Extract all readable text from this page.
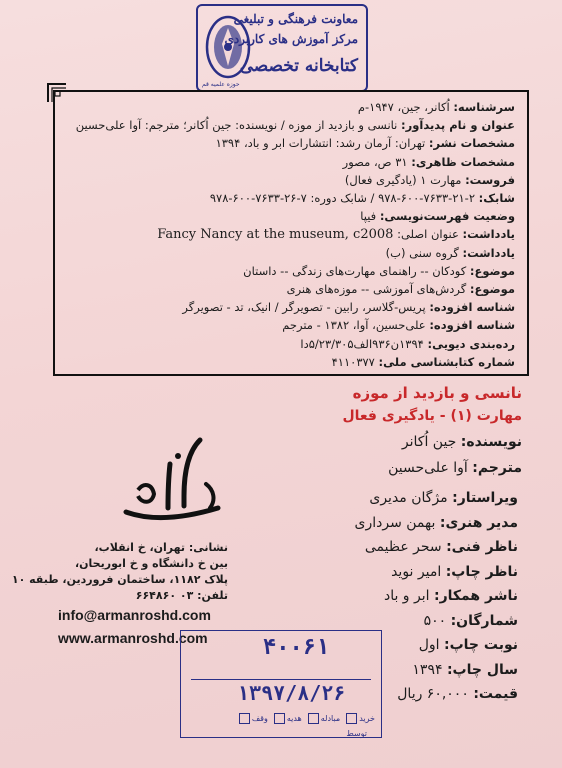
معاونت فرهنگی و تبلیغی
مرکز آموزش های کاربردی
کتابخانه تخصصی
حوزه علمیه قم
سرشناسه: اُکانر، جین، ۱۹۴۷-م
عنوان و نام پدیدآور: نانسی و بازدید از موزه / نویسنده: جین اُکانر؛ مترجم: آوا علی‌حسین
مشخصات نشر: تهران: آرمان رشد: انتشارات ابر و باد، ۱۳۹۴
مشخصات ظاهری: ۳۱ ص، مصور
فروست: مهارت ۱ (یادگیری فعال)
شابک: ۲-۲۱-۷۶۳۳-۶۰۰-۹۷۸ / شابک دوره: ۷-۲۶-۷۶۳۳-۶۰۰-۹۷۸
وضعیت فهرست‌نویسی: فیپا
یادداشت: عنوان اصلی: Fancy Nancy at the museum, c2008
یادداشت: گروه سنی (ب)
موضوع: کودکان -- راهنمای مهارت‌های زندگی -- داستان
موضوع: گردش‌های آموزشی -- موزه‌های هنری
شناسه افزوده: پریس-گلاسر، رابین - تصویرگر / انیک، تد - تصویرگر
شناسه افزوده: علی‌حسین، آوا، ۱۳۸۲ - مترجم
رده‌بندی دیویی: ۱۳۹۴ن۹۳۶الف۵/۲۳/۳۰۵دا
شماره کتابشناسی ملی: ۴۱۱۰۳۷۷
نانسی و بازدید از موزه
مهارت (۱) - یادگیری فعال
نویسنده: جین اُکانر
مترجم: آوا علی‌حسین
نشانی: تهران، خ انقلاب،
بین خ دانشگاه و خ ابوریحان،
پلاک ۱۱۸۲، ساختمان فروردین، طبقه ۱۰
تلفن: ۰۳ ۶۶۴۸۶۰
info@armanroshd.com
www.armanroshd.com
ویراستار: مژگان مدیری
مدیر هنری: بهمن سرداری
ناظر فنی: سحر عظیمی
ناظر چاپ: امیر نوید
ناشر همکار: ابر و باد
شمارگان: ۵۰۰
نوبت چاپ: اول
سال چاپ: ۱۳۹۴
قیمت: ۶۰,۰۰۰ ریال
۴۰۰۶۱
۱۳۹۷/۸/۲۶
خرید
مبادله
هدیه
وقف
توسط
